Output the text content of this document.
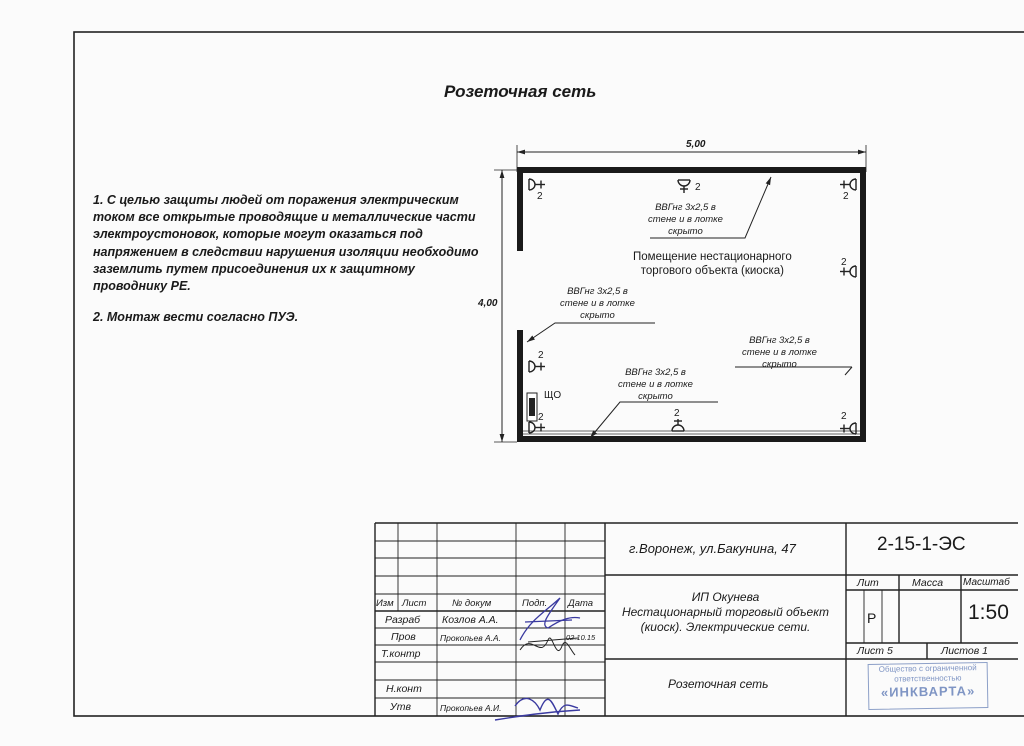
Розеточная сеть

1. С целью защиты людей от поражения электрическим током все открытые проводящие и металлические части электроустоновок, которые могут оказаться под напряжением в следствии нарушения изоляции необходимо заземлить путем присоединения их к защитному проводнику РЕ.

2. Монтаж вести согласно ПУЭ.

5,00
4,00
2
2
2
2
2
2	2	2
ЩО
Помещение нестационарного
торгового объекта (киоска)
ВВГнг 3х2,5 в
стене и в лотке
скрыто
ВВГнг 3х2,5 в
стене и в лотке
скрыто
ВВГнг 3х2,5 в
стене и в лотке
скрыто
ВВГнг 3х2,5 в
стене и в лотке
скрыто
г.Воронеж, ул.Бакунина, 47	2-15-1-ЭС
Изм Лист	№ докум	Подп. Дата
Разраб Козлов А.А.
Пров	Прокопьев А.А.	02.10.15
Т.контр
Н.конт
Утв	Прокопьев А.И.
ИП Окунева
Нестационарный торговый объект
(киоск). Электрические сети.
Лит	Масса Масштаб
Р	1:50
Лист 5	Листов 1
Розеточная сеть
Общество с ограниченной
ответственностью
«ИНКВАРТА»
